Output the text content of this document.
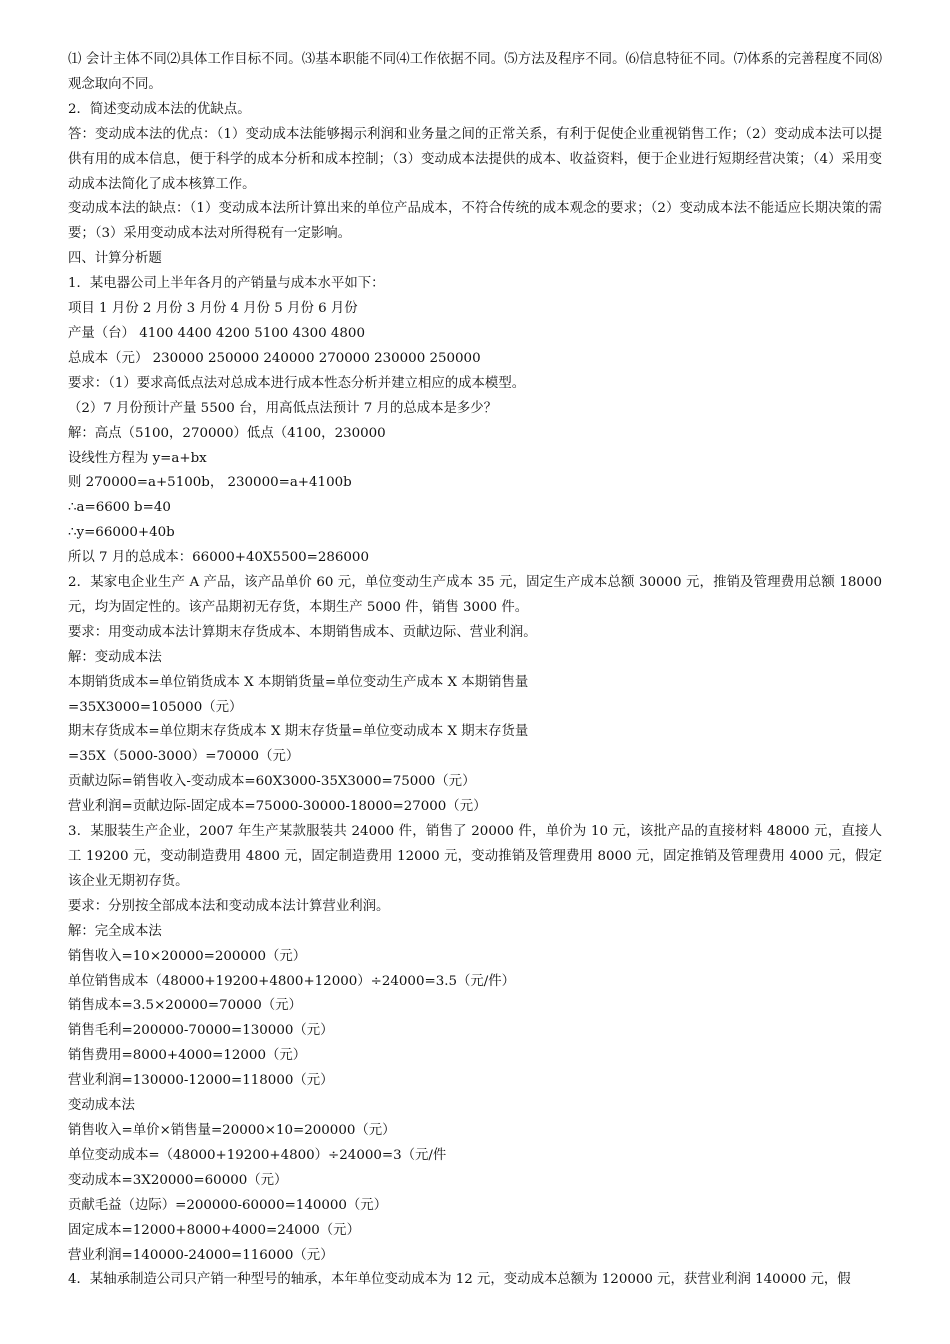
⑴ 会计主体不同⑵具体工作目标不同。⑶基本职能不同⑷工作依据不同。⑸方法及程序不同。⑹信息特征不同。⑺体系的完善程度不同⑻观念取向不同。
2．简述变动成本法的优缺点。
答：变动成本法的优点：（1）变动成本法能够揭示利润和业务量之间的正常关系，有利于促使企业重视销售工作；（2）变动成本法可以提供有用的成本信息，便于科学的成本分析和成本控制；（3）变动成本法提供的成本、收益资料，便于企业进行短期经营决策；（4）采用变动成本法简化了成本核算工作。
变动成本法的缺点：（1）变动成本法所计算出来的单位产品成本，不符合传统的成本观念的要求；（2）变动成本法不能适应长期决策的需要；（3）采用变动成本法对所得税有一定影响。
四、计算分析题
1．某电器公司上半年各月的产销量与成本水平如下：
项目 1 月份 2 月份 3 月份 4 月份 5 月份 6 月份
产量（台） 4100 4400 4200 5100 4300 4800
总成本（元） 230000 250000 240000 270000 230000 250000
要求：（1）要求高低点法对总成本进行成本性态分析并建立相应的成本模型。
（2）7 月份预计产量 5500 台，用高低点法预计 7 月的总成本是多少？
解：高点（5100，270000）低点（4100，230000
设线性方程为 y=a+bx
则 270000=a+5100b， 230000=a+4100b
∴a=6600 b=40
∴y=66000+40b
所以 7 月的总成本：66000+40X5500=286000
2．某家电企业生产 A 产品，该产品单价 60 元，单位变动生产成本 35 元，固定生产成本总额 30000 元，推销及管理费用总额 18000 元，均为固定性的。该产品期初无存货，本期生产 5000 件，销售 3000 件。
要求：用变动成本法计算期末存货成本、本期销售成本、贡献边际、营业利润。
解：变动成本法
本期销货成本=单位销货成本 X 本期销货量=单位变动生产成本 X 本期销售量
=35X3000=105000（元）
期末存货成本=单位期末存货成本 X 期末存货量=单位变动成本 X 期末存货量
=35X（5000-3000）=70000（元）
贡献边际=销售收入-变动成本=60X3000-35X3000=75000（元）
营业利润=贡献边际-固定成本=75000-30000-18000=27000（元）
3．某服装生产企业，2007 年生产某款服装共 24000 件，销售了 20000 件，单价为 10 元，该批产品的直接材料 48000 元，直接人工 19200 元，变动制造费用 4800 元，固定制造费用 12000 元，变动推销及管理费用 8000 元，固定推销及管理费用 4000 元，假定该企业无期初存货。
要求：分别按全部成本法和变动成本法计算营业利润。
解：完全成本法
销售收入=10×20000=200000（元）
单位销售成本（48000+19200+4800+12000）÷24000=3.5（元/件）
销售成本=3.5×20000=70000（元）
销售毛利=200000-70000=130000（元）
销售费用=8000+4000=12000（元）
营业利润=130000-12000=118000（元）
变动成本法
销售收入=单价×销售量=20000×10=200000（元）
单位变动成本=（48000+19200+4800）÷24000=3（元/件
变动成本=3X20000=60000（元）
贡献毛益（边际）=200000-60000=140000（元）
固定成本=12000+8000+4000=24000（元）
营业利润=140000-24000=116000（元）
4．某轴承制造公司只产销一种型号的轴承，本年单位变动成本为 12 元，变动成本总额为 120000 元，获营业利润 140000 元，假
